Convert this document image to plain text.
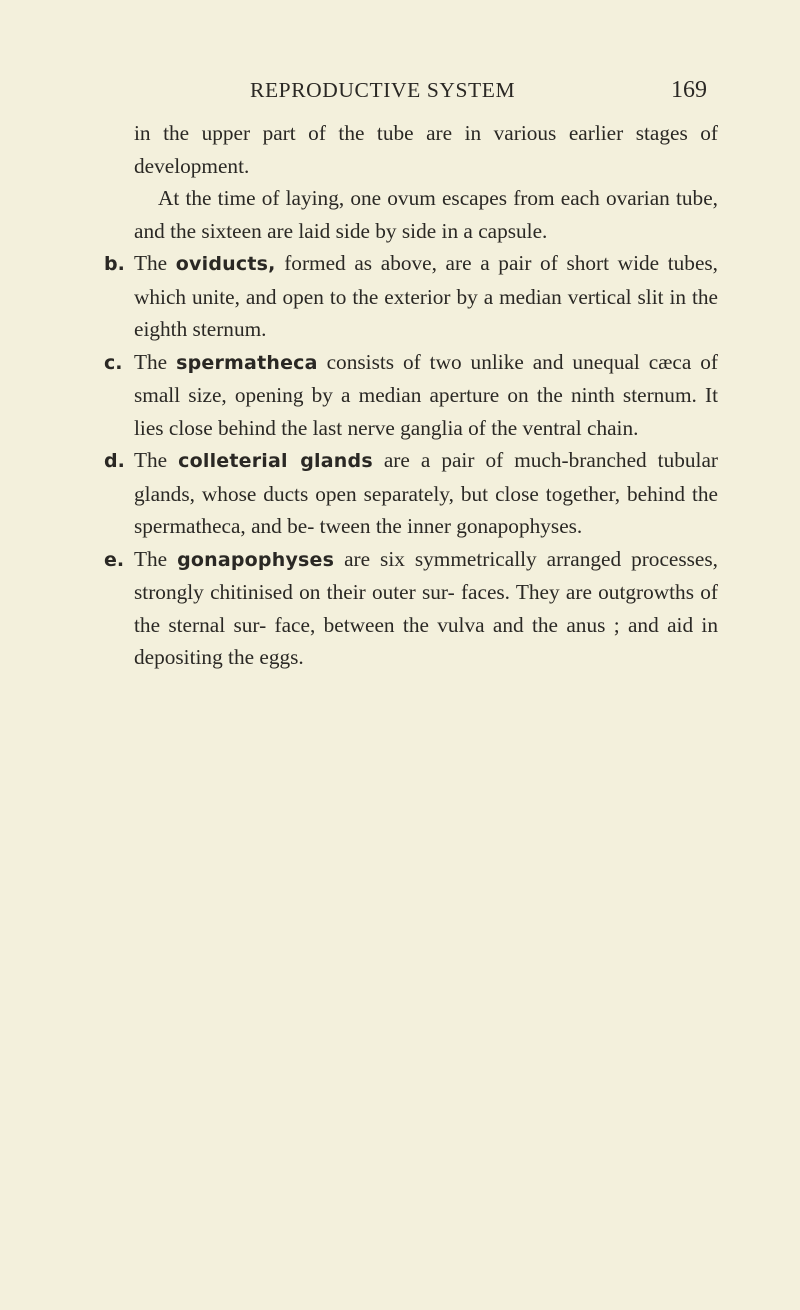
REPRODUCTIVE SYSTEM	169

in the upper part of the tube are in various earlier stages of development.

At the time of laying, one ovum escapes from each ovarian tube, and the sixteen are laid side by side in a capsule.

b. The oviducts, formed as above, are a pair of short wide tubes, which unite, and open to the exterior by a median vertical slit in the eighth sternum.

c. The spermatheca consists of two unlike and unequal cæca of small size, opening by a median aperture on the ninth sternum. It lies close behind the last nerve ganglia of the ventral chain.

d. The colleterial glands are a pair of much-branched tubular glands, whose ducts open separately, but close together, behind the spermatheca, and be- tween the inner gonapophyses.

e. The gonapophyses are six symmetrically arranged processes, strongly chitinised on their outer sur- faces. They are outgrowths of the sternal sur- face, between the vulva and the anus ; and aid in depositing the eggs.
